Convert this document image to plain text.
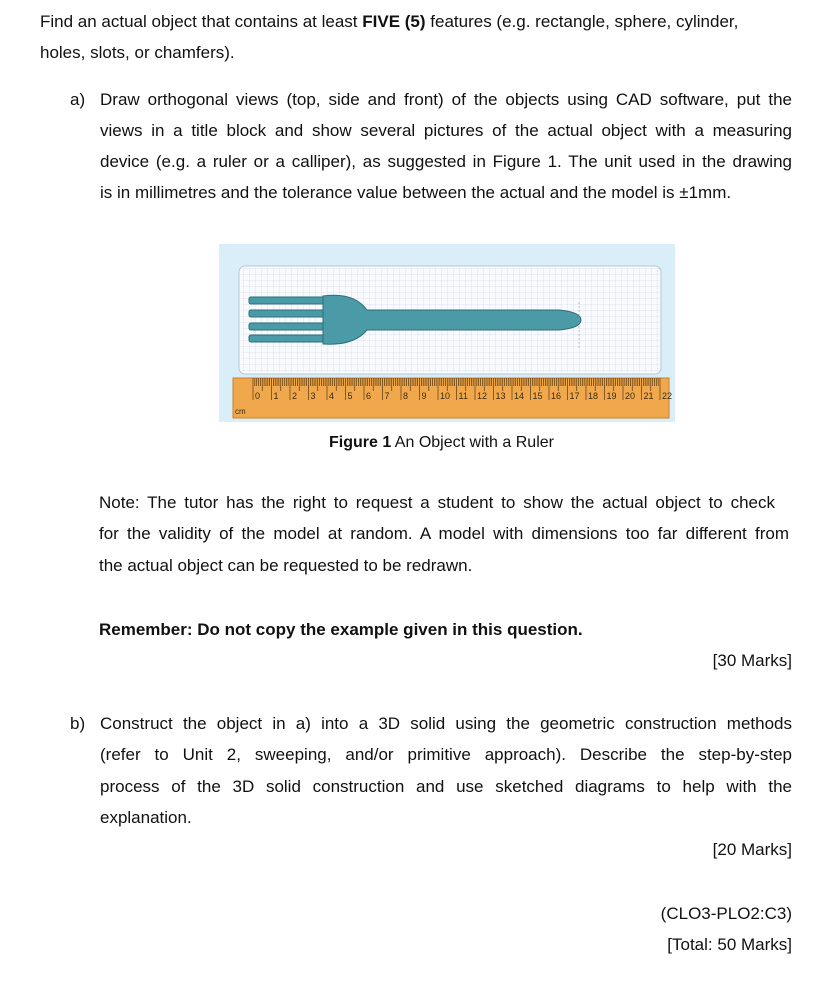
Find an actual object that contains at least FIVE (5) features (e.g. rectangle, sphere, cylinder,
holes, slots, or chamfers).
a) Draw orthogonal views (top, side and front) of the objects using CAD software, put the
views in a title block and show several pictures of the actual object with a measuring
device (e.g. a ruler or a calliper), as suggested in Figure 1. The unit used in the drawing
is in millimetres and the tolerance value between the actual and the model is ±1mm.
0 1 2 3 4 5 6 7 8 9 10 11 12 13 14 15 16 17 18 19 20 21 22
cm
Figure 1 An Object with a Ruler
Note: The tutor has the right to request a student to show the actual object to check
for the validity of the model at random. A model with dimensions too far different from
the actual object can be requested to be redrawn.
Remember: Do not copy the example given in this question.
[30 Marks]
b) Construct the object in a) into a 3D solid using the geometric construction methods
(refer to Unit 2, sweeping, and/or primitive approach). Describe the step-by-step
process of the 3D solid construction and use sketched diagrams to help with the
explanation.
[20 Marks]
(CLO3-PLO2:C3)
[Total: 50 Marks]
